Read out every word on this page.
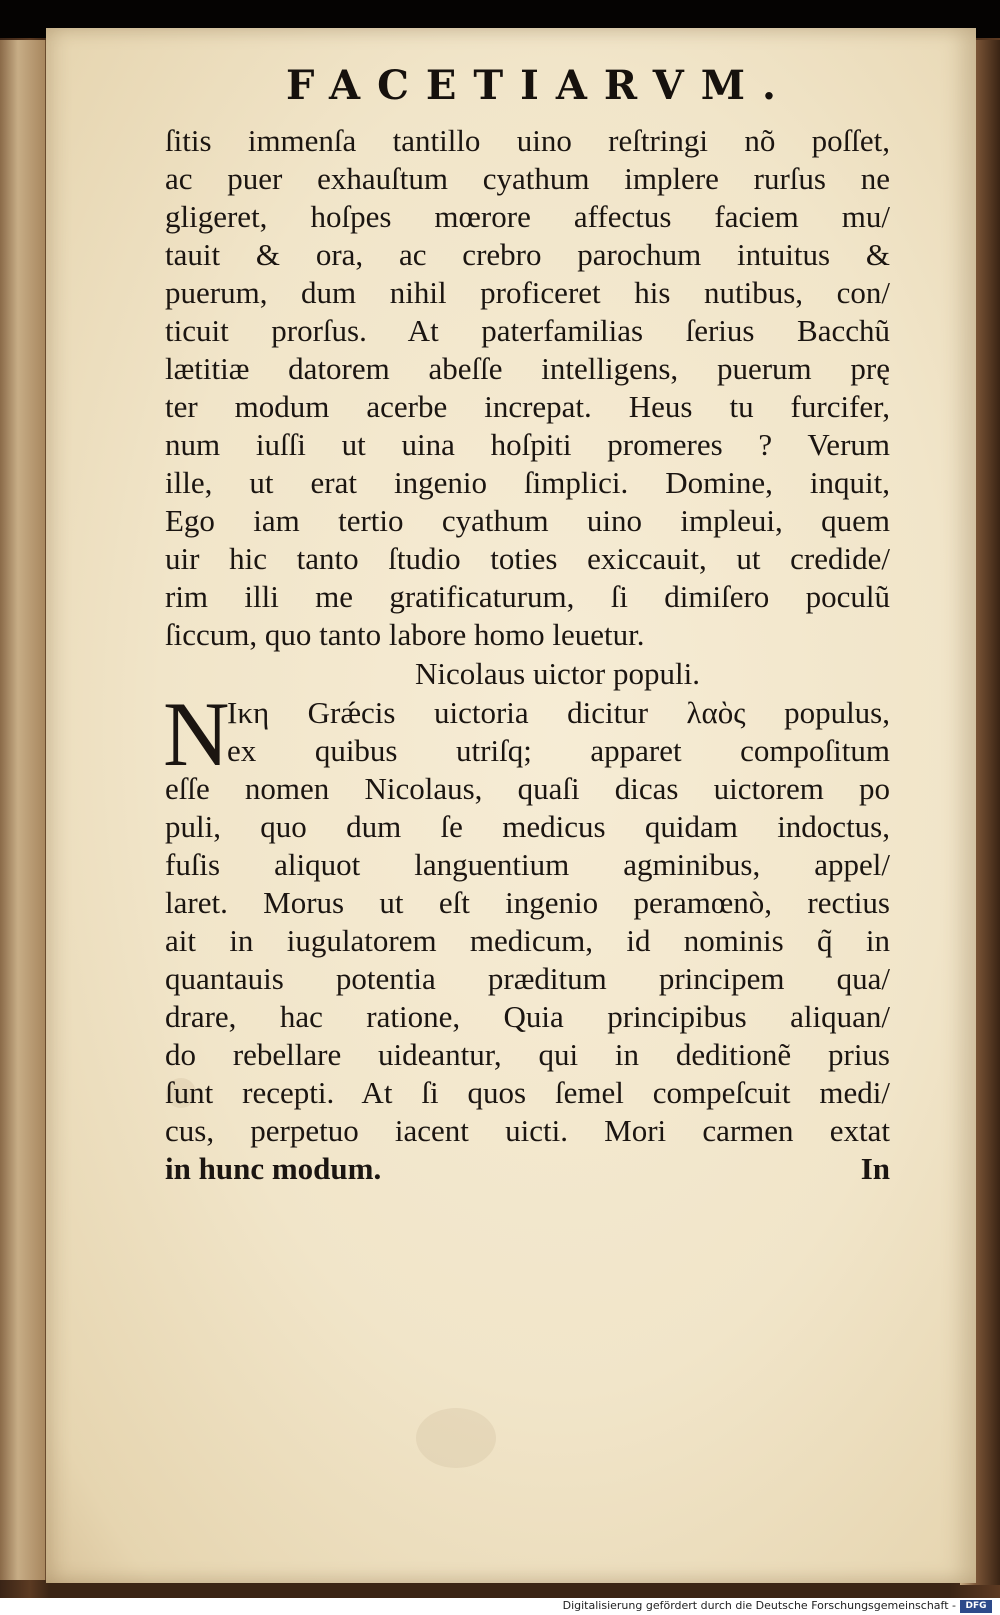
FACETIARVM.
ſitis immenſa tantillo uino reſtringi nõ poſſet,
ac puer exhauſtum cyathum implere rurſus ne
gligeret, hoſpes mœrore affectus faciem mu/
tauit & ora, ac crebro parochum intuitus &
puerum, dum nihil proficeret his nutibus, con/
ticuit prorſus. At paterfamilias ſerius Bacchũ
lætitiæ datorem abeſſe intelligens, puerum prę
ter modum acerbe increpat. Heus tu furcifer,
num iuſſi ut uina hoſpiti promeres ? Verum
ille, ut erat ingenio ſimplici. Domine, inquit,
Ego iam tertio cyathum uino impleui, quem
uir hic tanto ſtudio toties exiccauit, ut credide/
rim illi me gratificaturum, ſi dimiſero poculũ
ſiccum, quo tanto labore homo leuetur.
Nicolaus uictor populi.
N
Ικη Grǽcis uictoria dicitur λαὸς populus,
ex quibus utriſq; apparet compoſitum
eſſe nomen Nicolaus, quaſi dicas uictorem po
puli, quo dum ſe medicus quidam indoctus,
fuſis aliquot languentium agminibus, appel/
laret. Morus ut eſt ingenio peramœnò, rectius
ait in iugulatorem medicum, id nominis q̃ in
quantauis potentia præditum principem qua/
drare, hac ratione, Quia principibus aliquan/
do rebellare uideantur, qui in deditionẽ prius
ſunt recepti. At ſi quos ſemel compeſcuit medi/
cus, perpetuo iacent uicti. Mori carmen extat
in hunc modum.	In
Digitalisierung gefördert durch die Deutsche Forschungsgemeinschaft -	DFG
